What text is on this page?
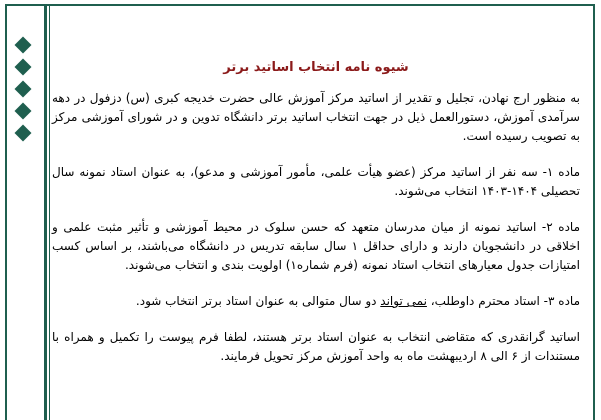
شیوه نامه انتخاب اساتید برتر

به منظور ارج نهادن، تجلیل و تقدیر از اساتید مرکز آموزش عالی حضرت خدیجه کبری (س) دزفول در دهه سرآمدی آموزش، دستورالعمل ذیل در جهت انتخاب اساتید برتر دانشگاه تدوین و در شورای آموزشی مرکز به تصویب رسیده است.

ماده ۱- سه نفر از اساتید مرکز (عضو هیأت علمی، مأمور آموزشی و مدعو)، به عنوان استاد نمونه سال تحصیلی ۱۴۰۴-۱۴۰۳ انتخاب می‌شوند.

ماده ۲- اساتید نمونه از میان مدرسان متعهد که حسن سلوک در محیط آموزشی و تأثیر مثبت علمی و اخلاقی در دانشجویان دارند و دارای حداقل ۱ سال سابقه تدریس در دانشگاه می‌باشند، بر اساس کسب امتیازات جدول معیارهای انتخاب استاد نمونه (فرم شماره۱) اولویت بندی و انتخاب می‌شوند.

ماده ۳- استاد محترم داوطلب، نمی تواند دو سال متوالی به عنوان استاد برتر انتخاب شود.

اساتید گرانقدری که متقاضی انتخاب به عنوان استاد برتر هستند، لطفا فرم پیوست را تکمیل و همراه با مستندات از ۶ الی ۸ اردیبهشت ماه به واحد آموزش مرکز تحویل فرمایند.
